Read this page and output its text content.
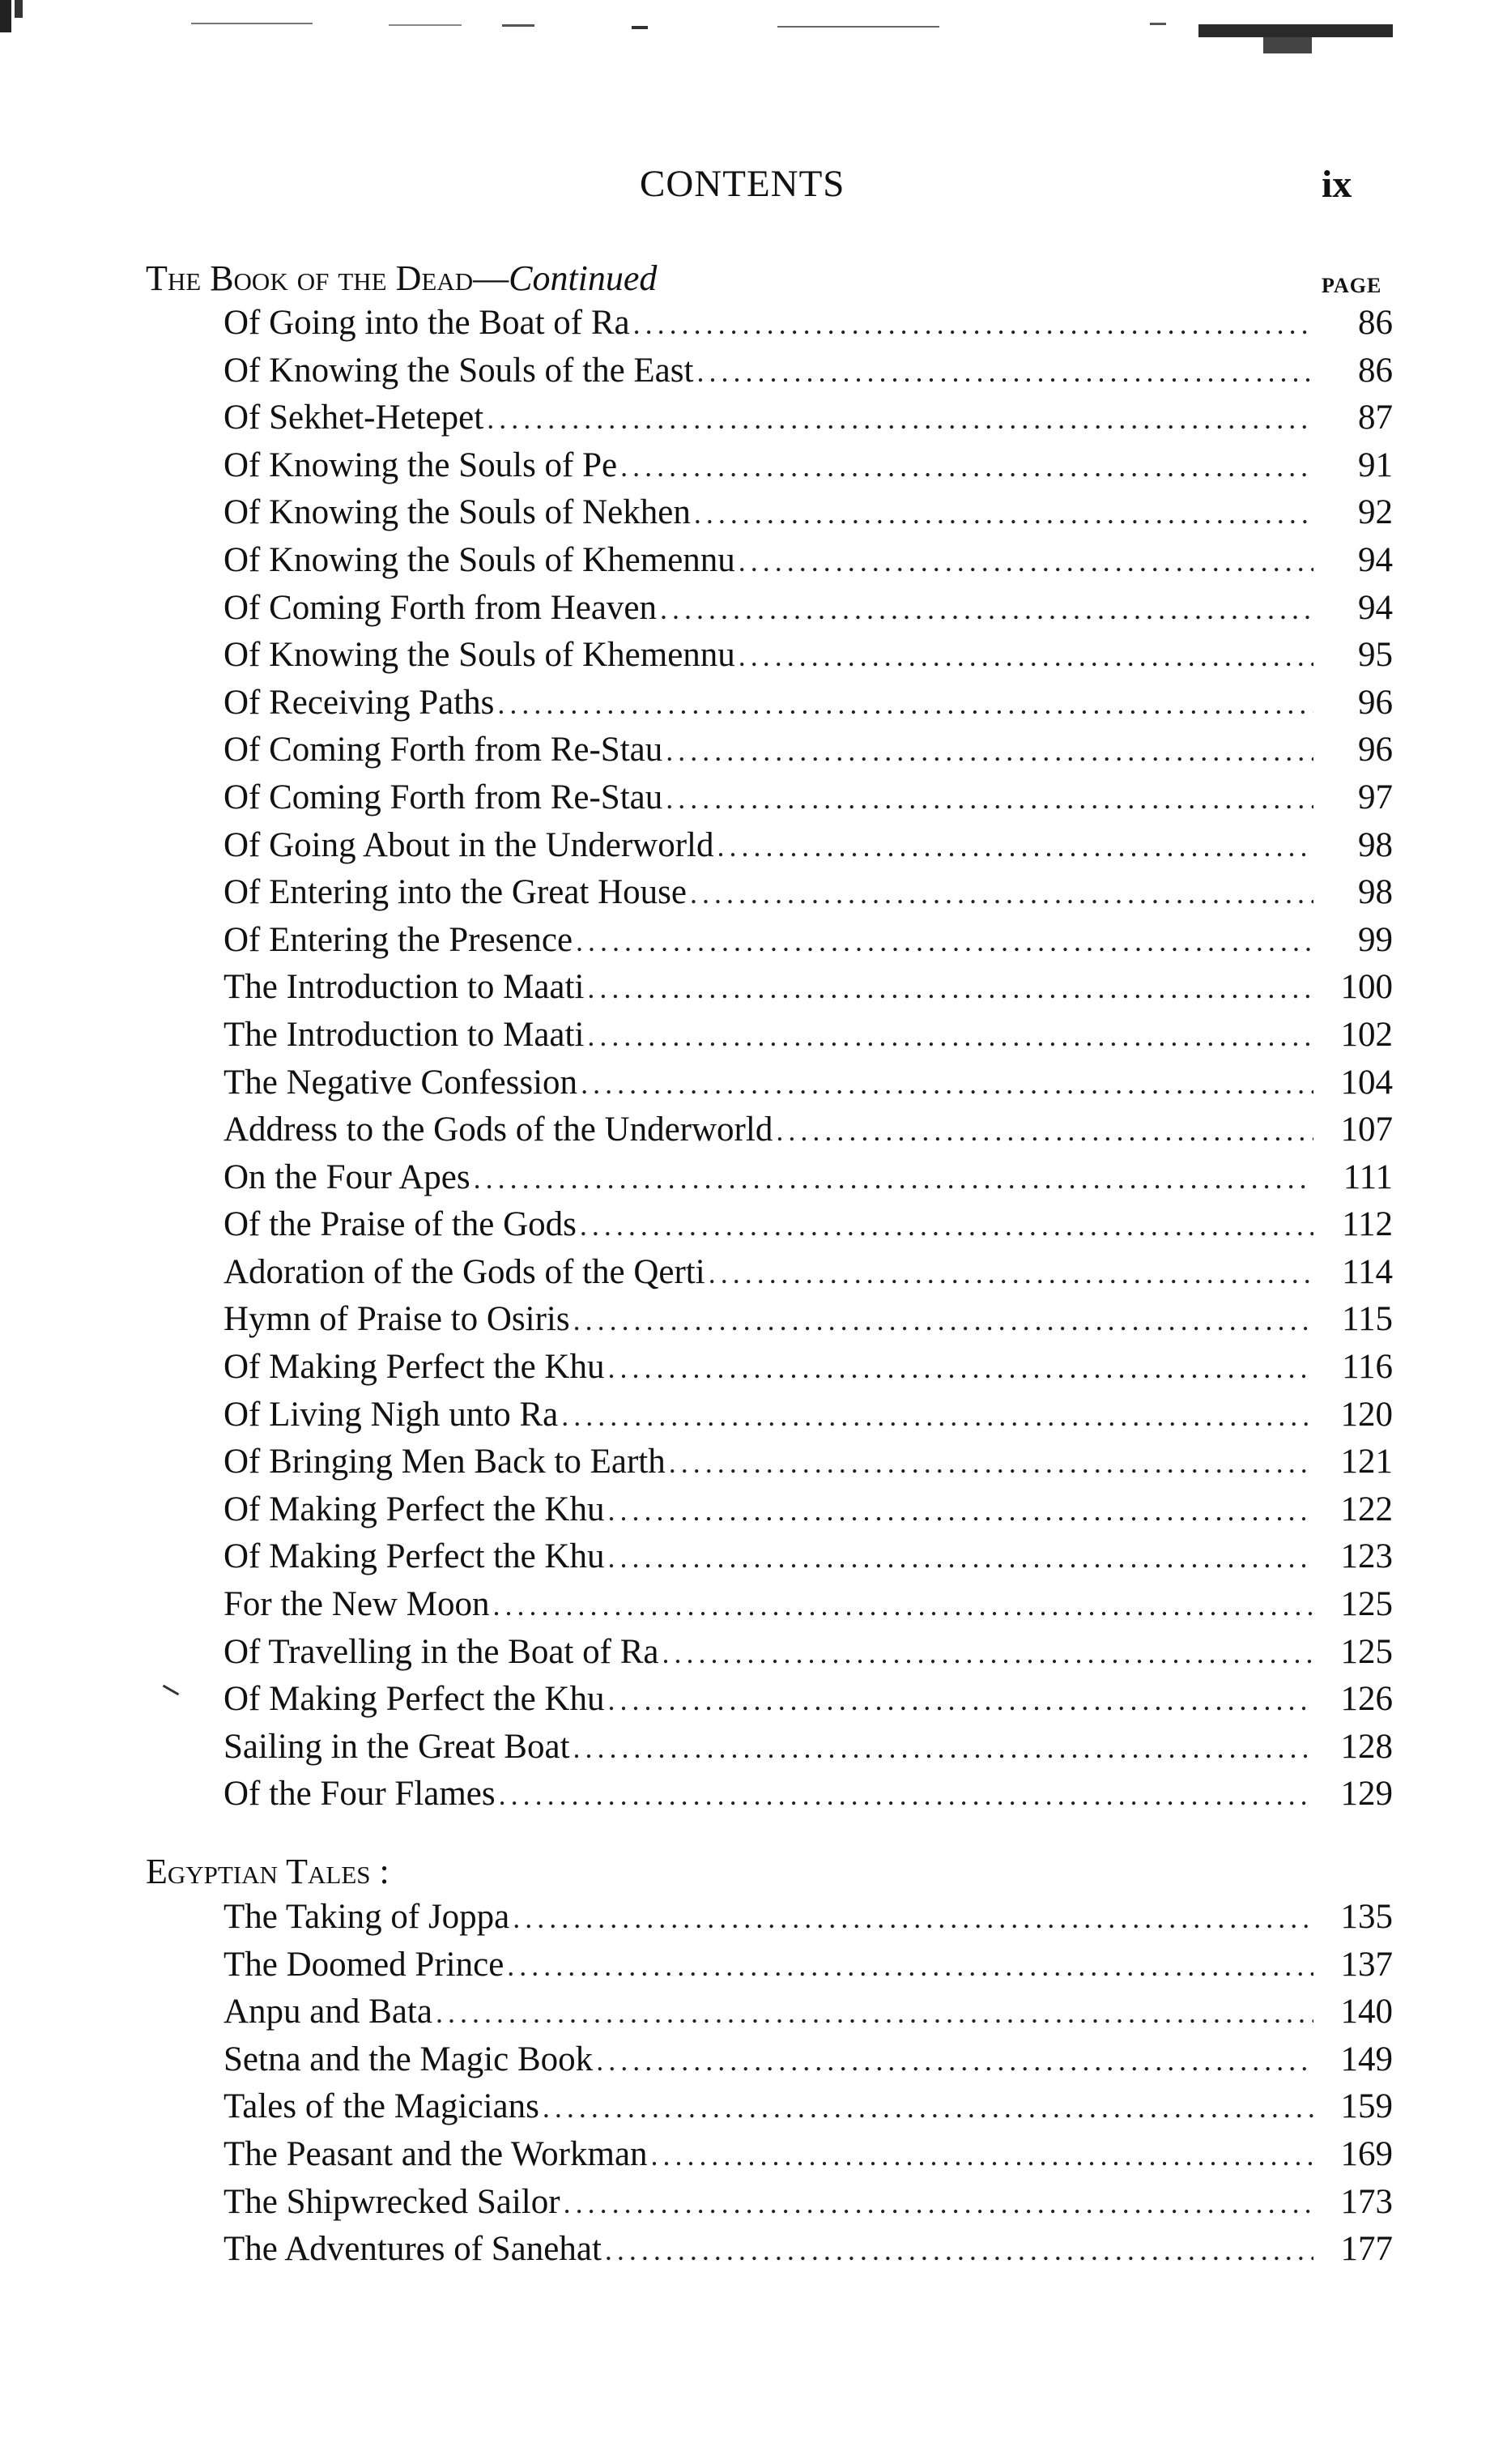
CONTENTS	ix
The Book of the Dead—Continued	PAGE
Of Going into the Boat of Ra .....	86
Of Knowing the Souls of the East .....	86
Of Sekhet-Hetepet .....	87
Of Knowing the Souls of Pe .....	91
Of Knowing the Souls of Nekhen .....	92
Of Knowing the Souls of Khemennu .....	94
Of Coming Forth from Heaven .....	94
Of Knowing the Souls of Khemennu .....	95
Of Receiving Paths .....	96
Of Coming Forth from Re-Stau .....	96
Of Coming Forth from Re-Stau .....	97
Of Going About in the Underworld .....	98
Of Entering into the Great House .....	98
Of Entering the Presence .....	99
The Introduction to Maati .....	100
The Introduction to Maati .....	102
The Negative Confession .....	104
Address to the Gods of the Underworld .....	107
On the Four Apes .....	111
Of the Praise of the Gods .....	112
Adoration of the Gods of the Qerti .....	114
Hymn of Praise to Osiris .....	115
Of Making Perfect the Khu .....	116
Of Living Nigh unto Ra .....	120
Of Bringing Men Back to Earth .....	121
Of Making Perfect the Khu .....	122
Of Making Perfect the Khu .....	123
For the New Moon .....	125
Of Travelling in the Boat of Ra .....	125
Of Making Perfect the Khu .....	126
Sailing in the Great Boat .....	128
Of the Four Flames .....	129
Egyptian Tales :
The Taking of Joppa .....	135
The Doomed Prince .....	137
Anpu and Bata .....	140
Setna and the Magic Book .....	149
Tales of the Magicians .....	159
The Peasant and the Workman .....	169
The Shipwrecked Sailor .....	173
The Adventures of Sanehat .....	177
